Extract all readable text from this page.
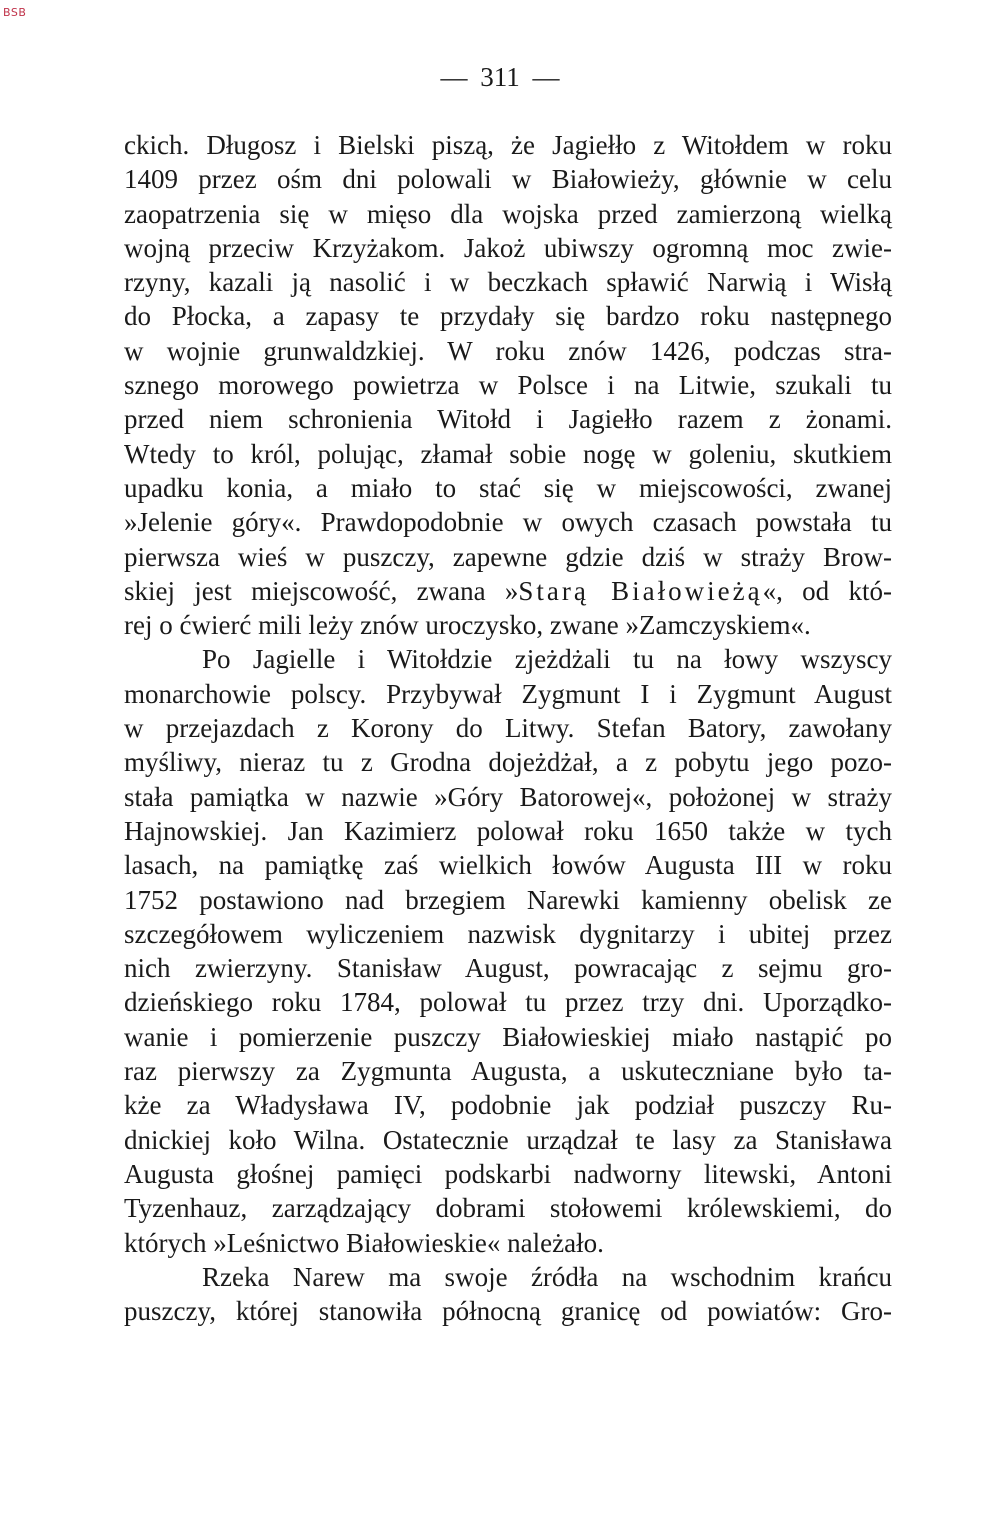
BSB
— 311 —
ckich. Długosz i Bielski piszą, że Jagiełło z Witołdem w roku
1409 przez ośm dni polowali w Białowieży, głównie w celu
zaopatrzenia się w mięso dla wojska przed zamierzoną wielką
wojną przeciw Krzyżakom. Jakoż ubiwszy ogromną moc zwie-
rzyny, kazali ją nasolić i w beczkach spławić Narwią i Wisłą
do Płocka, a zapasy te przydały się bardzo roku następnego
w wojnie grunwaldzkiej. W roku znów 1426, podczas stra-
sznego morowego powietrza w Polsce i na Litwie, szukali tu
przed niem schronienia Witołd i Jagiełło razem z żonami.
Wtedy to król, polując, złamał sobie nogę w goleniu, skutkiem
upadku konia, a miało to stać się w miejscowości, zwanej
»Jelenie góry«. Prawdopodobnie w owych czasach powstała tu
pierwsza wieś w puszczy, zapewne gdzie dziś w straży Brow-
skiej jest miejscowość, zwana »Starą Białowieżą«, od któ-
rej o ćwierć mili leży znów uroczysko, zwane »Zamczyskiem«.
Po Jagielle i Witołdzie zjeżdżali tu na łowy wszyscy
monarchowie polscy. Przybywał Zygmunt I i Zygmunt August
w przejazdach z Korony do Litwy. Stefan Batory, zawołany
myśliwy, nieraz tu z Grodna dojeżdżał, a z pobytu jego pozo-
stała pamiątka w nazwie »Góry Batorowej«, położonej w straży
Hajnowskiej. Jan Kazimierz polował roku 1650 także w tych
lasach, na pamiątkę zaś wielkich łowów Augusta III w roku
1752 postawiono nad brzegiem Narewki kamienny obelisk ze
szczegółowem wyliczeniem nazwisk dygnitarzy i ubitej przez
nich zwierzyny. Stanisław August, powracając z sejmu gro-
dzieńskiego roku 1784, polował tu przez trzy dni. Uporządko-
wanie i pomierzenie puszczy Białowieskiej miało nastąpić po
raz pierwszy za Zygmunta Augusta, a uskuteczniane było ta-
kże za Władysława IV, podobnie jak podział puszczy Ru-
dnickiej koło Wilna. Ostatecznie urządzał te lasy za Stanisława
Augusta głośnej pamięci podskarbi nadworny litewski, Antoni
Tyzenhauz, zarządzający dobrami stołowemi królewskiemi, do
których »Leśnictwo Białowieskie« należało.
Rzeka Narew ma swoje źródła na wschodnim krańcu
puszczy, której stanowiła północną granicę od powiatów: Gro-
